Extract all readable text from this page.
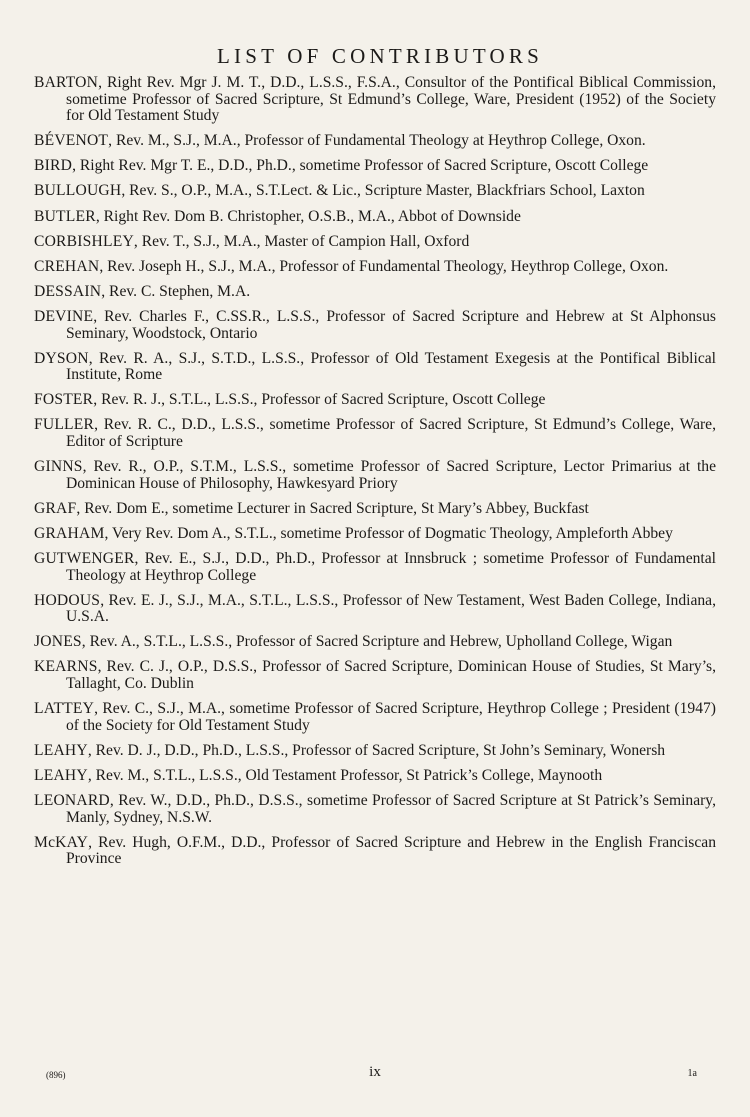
LIST OF CONTRIBUTORS
BARTON, Right Rev. Mgr J. M. T., D.D., L.S.S., F.S.A., Consultor of the Pontifical Biblical Commission, sometime Professor of Sacred Scripture, St Edmund’s College, Ware, President (1952) of the Society for Old Testament Study
BÉVENOT, Rev. M., S.J., M.A., Professor of Fundamental Theology at Heythrop College, Oxon.
BIRD, Right Rev. Mgr T. E., D.D., Ph.D., sometime Professor of Sacred Scripture, Oscott College
BULLOUGH, Rev. S., O.P., M.A., S.T.Lect. & Lic., Scripture Master, Blackfriars School, Laxton
BUTLER, Right Rev. Dom B. Christopher, O.S.B., M.A., Abbot of Downside
CORBISHLEY, Rev. T., S.J., M.A., Master of Campion Hall, Oxford
CREHAN, Rev. Joseph H., S.J., M.A., Professor of Fundamental Theology, Heythrop College, Oxon.
DESSAIN, Rev. C. Stephen, M.A.
DEVINE, Rev. Charles F., C.SS.R., L.S.S., Professor of Sacred Scripture and Hebrew at St Alphonsus Seminary, Woodstock, Ontario
DYSON, Rev. R. A., S.J., S.T.D., L.S.S., Professor of Old Testament Exegesis at the Pontifical Biblical Institute, Rome
FOSTER, Rev. R. J., S.T.L., L.S.S., Professor of Sacred Scripture, Oscott College
FULLER, Rev. R. C., D.D., L.S.S., sometime Professor of Sacred Scripture, St Edmund’s College, Ware, Editor of Scripture
GINNS, Rev. R., O.P., S.T.M., L.S.S., sometime Professor of Sacred Scripture, Lector Primarius at the Dominican House of Philosophy, Hawkesyard Priory
GRAF, Rev. Dom E., sometime Lecturer in Sacred Scripture, St Mary’s Abbey, Buckfast
GRAHAM, Very Rev. Dom A., S.T.L., sometime Professor of Dogmatic Theology, Ampleforth Abbey
GUTWENGER, Rev. E., S.J., D.D., Ph.D., Professor at Innsbruck ; sometime Professor of Fundamental Theology at Heythrop College
HODOUS, Rev. E. J., S.J., M.A., S.T.L., L.S.S., Professor of New Testament, West Baden College, Indiana, U.S.A.
JONES, Rev. A., S.T.L., L.S.S., Professor of Sacred Scripture and Hebrew, Upholland College, Wigan
KEARNS, Rev. C. J., O.P., D.S.S., Professor of Sacred Scripture, Dominican House of Studies, St Mary’s, Tallaght, Co. Dublin
LATTEY, Rev. C., S.J., M.A., sometime Professor of Sacred Scripture, Heythrop College ; President (1947) of the Society for Old Testament Study
LEAHY, Rev. D. J., D.D., Ph.D., L.S.S., Professor of Sacred Scripture, St John’s Seminary, Wonersh
LEAHY, Rev. M., S.T.L., L.S.S., Old Testament Professor, St Patrick’s College, Maynooth
LEONARD, Rev. W., D.D., Ph.D., D.S.S., sometime Professor of Sacred Scripture at St Patrick’s Seminary, Manly, Sydney, N.S.W.
McKAY, Rev. Hugh, O.F.M., D.D., Professor of Sacred Scripture and Hebrew in the English Franciscan Province
(896)	ix	1a
